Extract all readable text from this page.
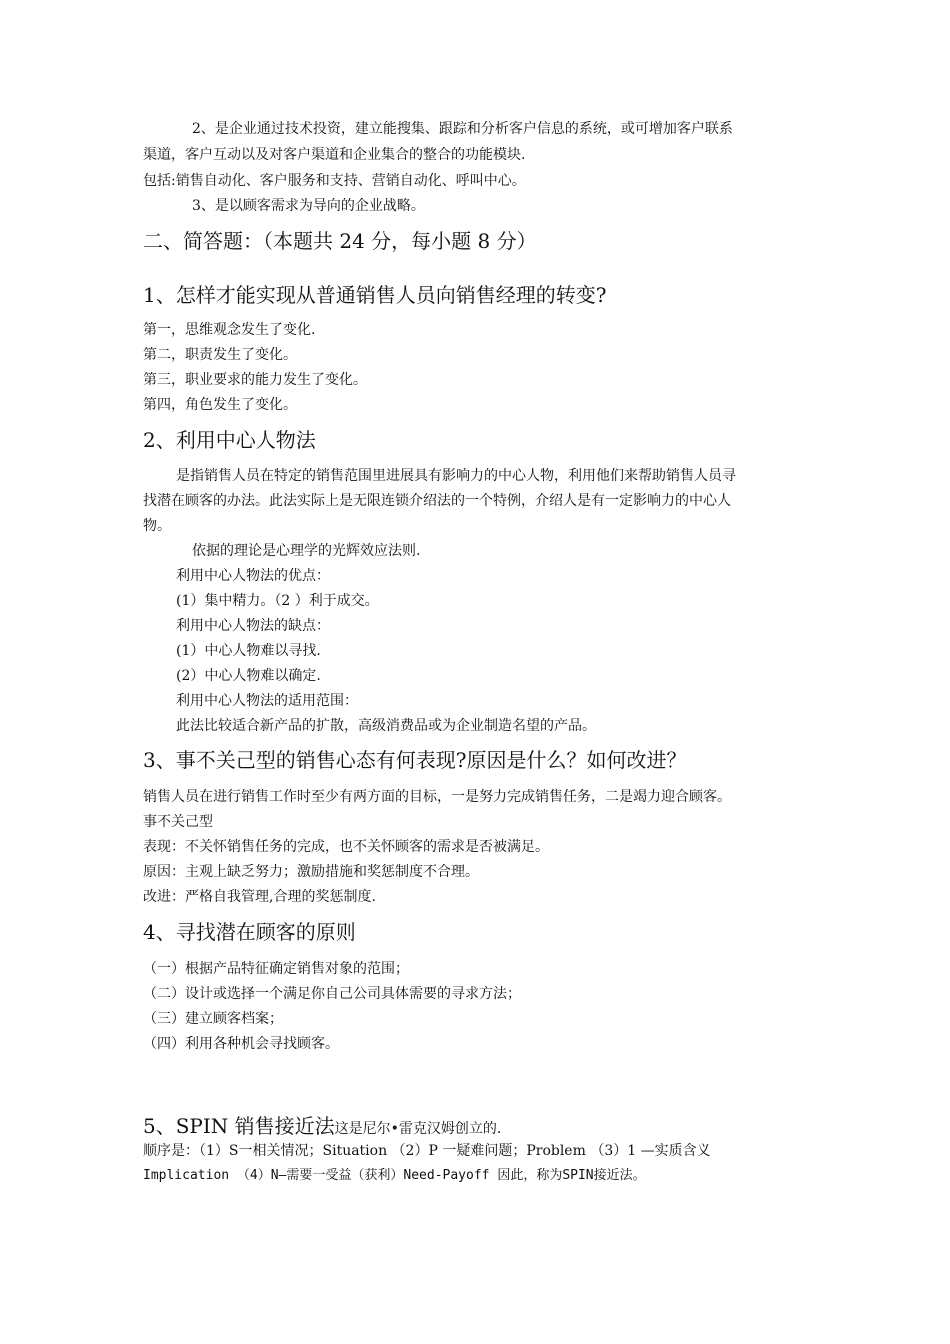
2、是企业通过技术投资，建立能搜集、跟踪和分析客户信息的系统，或可增加客户联系
渠道，客户互动以及对客户渠道和企业集合的整合的功能模块.
包括:销售自动化、客户服务和支持、营销自动化、呼叫中心。
3、是以顾客需求为导向的企业战略。
二、简答题：（本题共 24 分，每小题 8 分）
1、怎样才能实现从普通销售人员向销售经理的转变?
第一，思维观念发生了变化.
第二，职责发生了变化。
第三，职业要求的能力发生了变化。
第四，角色发生了变化。
2、利用中心人物法
是指销售人员在特定的销售范围里进展具有影响力的中心人物，利用他们来帮助销售人员寻
找潜在顾客的办法。此法实际上是无限连锁介绍法的一个特例，介绍人是有一定影响力的中心人
物。
依据的理论是心理学的光辉效应法则.
利用中心人物法的优点：
(1）集中精力。（2 ）利于成交。
利用中心人物法的缺点：
(1）中心人物难以寻找.
(2）中心人物难以确定.
利用中心人物法的适用范围：
此法比较适合新产品的扩散，高级消费品或为企业制造名望的产品。
3、事不关己型的销售心态有何表现?原因是什么？如何改进？
销售人员在进行销售工作时至少有两方面的目标，一是努力完成销售任务，二是竭力迎合顾客。
事不关己型
表现：不关怀销售任务的完成，也不关怀顾客的需求是否被满足。
原因：主观上缺乏努力；激励措施和奖惩制度不合理。
改进：严格自我管理,合理的奖惩制度.
4、寻找潜在顾客的原则
（一）根据产品特征确定销售对象的范围；
（二）设计或选择一个满足你自己公司具体需要的寻求方法；
（三）建立顾客档案；
（四）利用各种机会寻找顾客。
5、SPIN 销售接近法这是尼尔•雷克汉姆创立的.
顺序是：（1）S一相关情况；Situation （2）P 一疑难问题；Problem （3）1 —实质含义
Implication （4）N—需要一受益（获利）Need-Payoff 因此，称为SPIN接近法。
